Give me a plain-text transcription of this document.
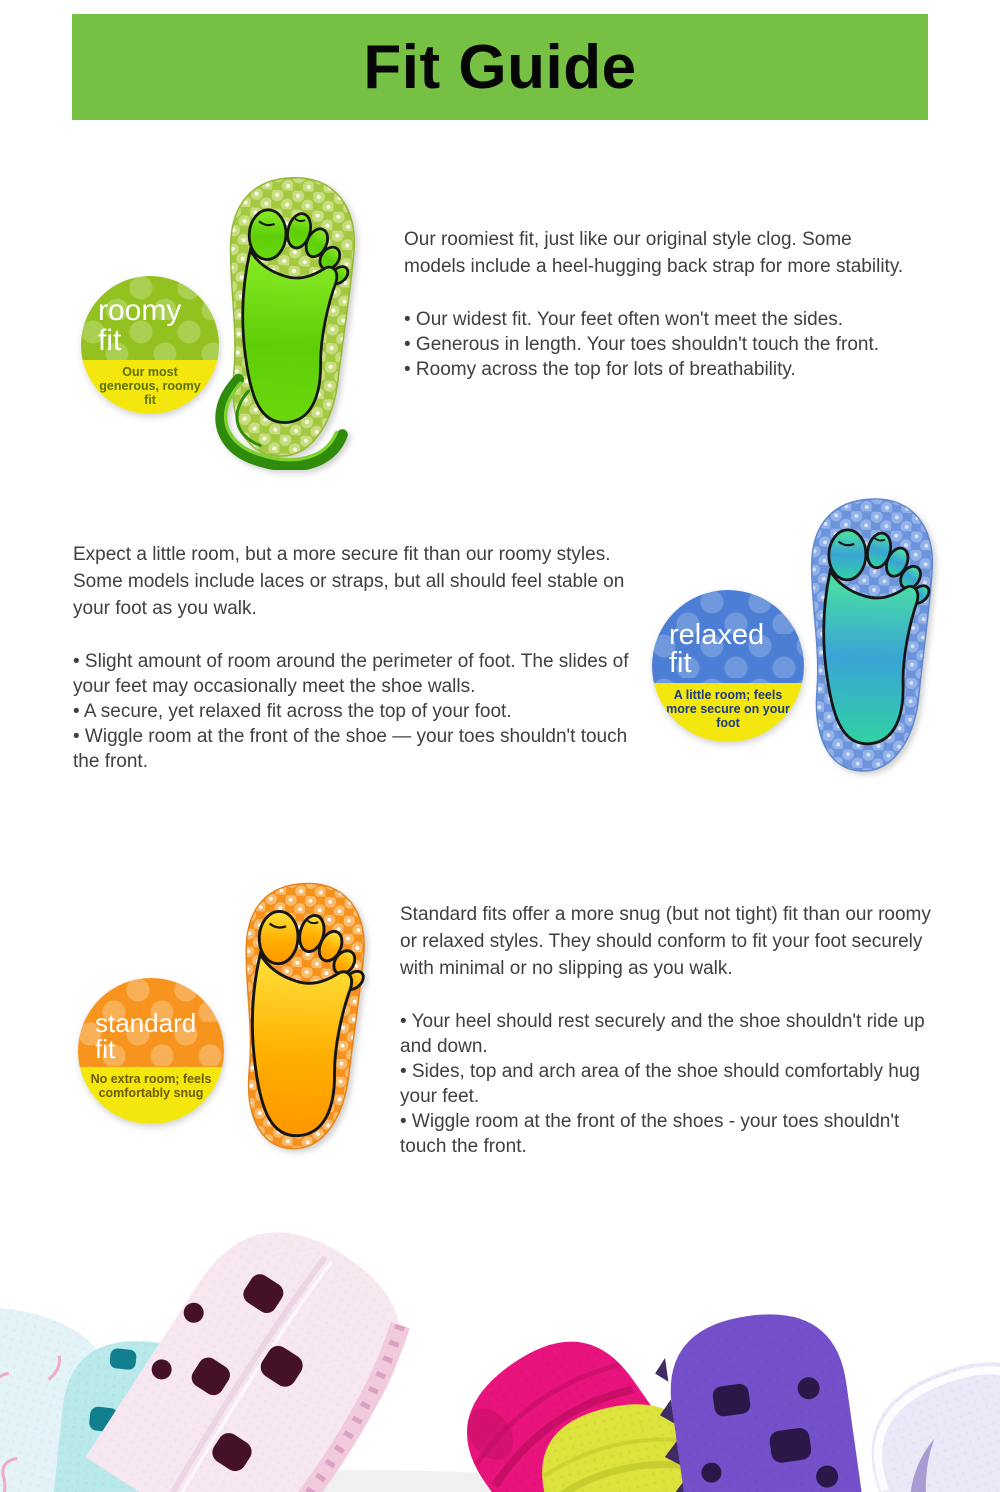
Fit Guide
roomy
fit
Our most generous, roomy fit

Our roomiest fit, just like our original style clog. Some models include a heel-hugging back strap for more stability.

• Our widest fit. Your feet often won't meet the sides.
• Generous in length. Your toes shouldn't touch the front.
• Roomy across the top for lots of breathability.

Expect a little room, but a more secure fit than our roomy styles. Some models include laces or straps, but all should feel stable on your foot as you walk.

• Slight amount of room around the perimeter of foot. The slides of your feet may occasionally meet the shoe walls.
• A secure, yet relaxed fit across the top of your foot.
• Wiggle room at the front of the shoe — your toes shouldn't touch the front.
relaxed
fit
A little room; feels more secure on your foot
standard
fit
No extra room; feels comfortably snug

Standard fits offer a more snug (but not tight) fit than our roomy or relaxed styles. They should conform to fit your foot securely with minimal or no slipping as you walk.

• Your heel should rest securely and the shoe shouldn't ride up and down.
• Sides, top and arch area of the shoe should comfortably hug your feet.
• Wiggle room at the front of the shoes - your toes shouldn't touch the front.
